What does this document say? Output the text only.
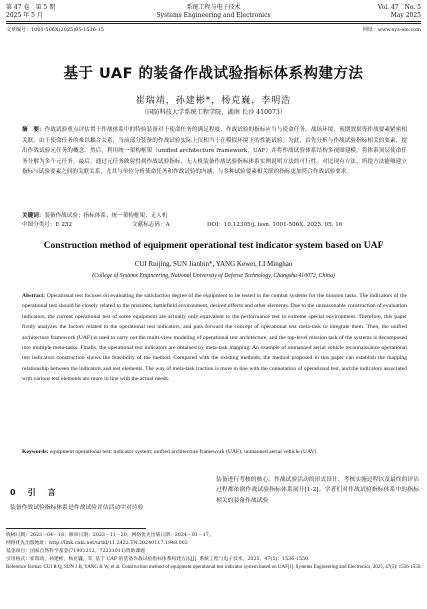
第 47 卷　第 5 期
2025 年 5 月
系统工程与电子技术
Systems Engineering and Electronics
Vol. 47　No. 5
May 2025
文章编号：1001-506X(2025)05-1536-15	网址：www.sys-ele.com
基于 UAF 的装备作战试验指标体系构建方法
崔瑞靖，孙建彬*，杨克巍，李明浩
（国防科技大学系统工程学院，湖南 长沙 410073）
摘　要：作战试验重点评估置于作战体系中的特验装备对于使命任务的满足程度，作战试验的指标应当与使命任务、战场环境、预期效果等作战要素紧密相关联。由于使命任务的难以耦合关系，当前部分装备的作战试验实际上仅相当于在模拟环境下的性能试验。为此，首先分析与作战试验指标相关的要素，提出作战试验元任务的概念。然后，利用统一架构框架（unified architecture framework，UAF）并将作战试验体系结构多视图建模，将体系顶层使命任务分解为多个元任务。最后，通过元任务映射得到作战试验指标，无人机装备作战试验指标体系实例说明方法的可行性。对比现有方法，所提方法能够建立指标与试验要素之间的关联关系，尤其与单位分析使命任务和作战试验的内涵，与多种试验要素相关联的指标更加符合作战试验要求。
关键词：装备作战试验；指标体系；统一架构框架；无人机
中图分类号：E 252	文献标志码：A	DOI：10.12305/j. issn. 1001-506X. 2025. 05. 16
Construction method of equipment operational test indicator system based on UAF
CUI Ruijing, SUN Jianbin*, YANG Kewei, LI Minghao
(College of Systems Engineering, National University of Defense Technology, Changsha 410073, China)
Abstract: Operational test focuses on evaluating the satisfaction degree of the equipment to be tested in the combat systems for the mission tasks. The indicators of the operational test should be closely related to the missions, battlefield environment, desired effects and other elements. Due to the unreasonable construction of evaluation indicators, the current operational test of some equipment are actually only equivalent to the performance test in extreme special environment. Therefore, this paper firstly analyzes the factors related to the operational test indicators, and puts forward the concept of operational test meta-task to integrate them. Then, the unified architecture framework (UAF) is used to carry out the multi-view modeling of operational test architecture, and the top-level mission task of the systems is decomposed into multiple meta-tasks. Finally, the operational test indicators are obtained by meta-task mapping. An example of unmanned aerial vehicle reconnaissance operational test indicators construction shows the feasibility of the method. Compared with the existing methods, the method proposed in this paper can establish the mapping relationship between the indicators and test elements. The way of meta-task traction is more in line with the connotation of operational test, and the indicators associated with various test elements are more in line with the actual needs.
Keywords: equipment operational test; indicator system; unified architecture framework (UAF); unmanned aerial vehicle (UAV)
0　引　言
装备作战试验指标体系是作战试验评估活动中对待验
装备进行考核的核心。作战试验活动的形式设计、考核实施过程以及最终的评估过程都依据作战试验指标体系展开[1-2]。学者们对作战试验指标体系中的指标相关的装备作战试验
收稿日期：2023－04－18；修回日期：2023－11－20；网络优先出版日期：2024－01－17。
网络优先出版地址：http://link.cnki.net/urlid/11.2422.TN.20240117.1948.002
基金项目：国家自然科学基金(71901212，72231011)资助课题
引用格式：崔瑞靖，孙建彬，杨克巍，等. 基于 UAF 的装备作战试验指标体系构建方法[J]. 系统工程与电子技术，2025，47(5)：1536-1550.
Reference format: CUI R Q, SUN J B, YANG K W, et al. Construction method of equipment operational test indicator system based on UAF[J]. Systems Engineering and Electronics, 2025, 47(5): 1536-1550.
